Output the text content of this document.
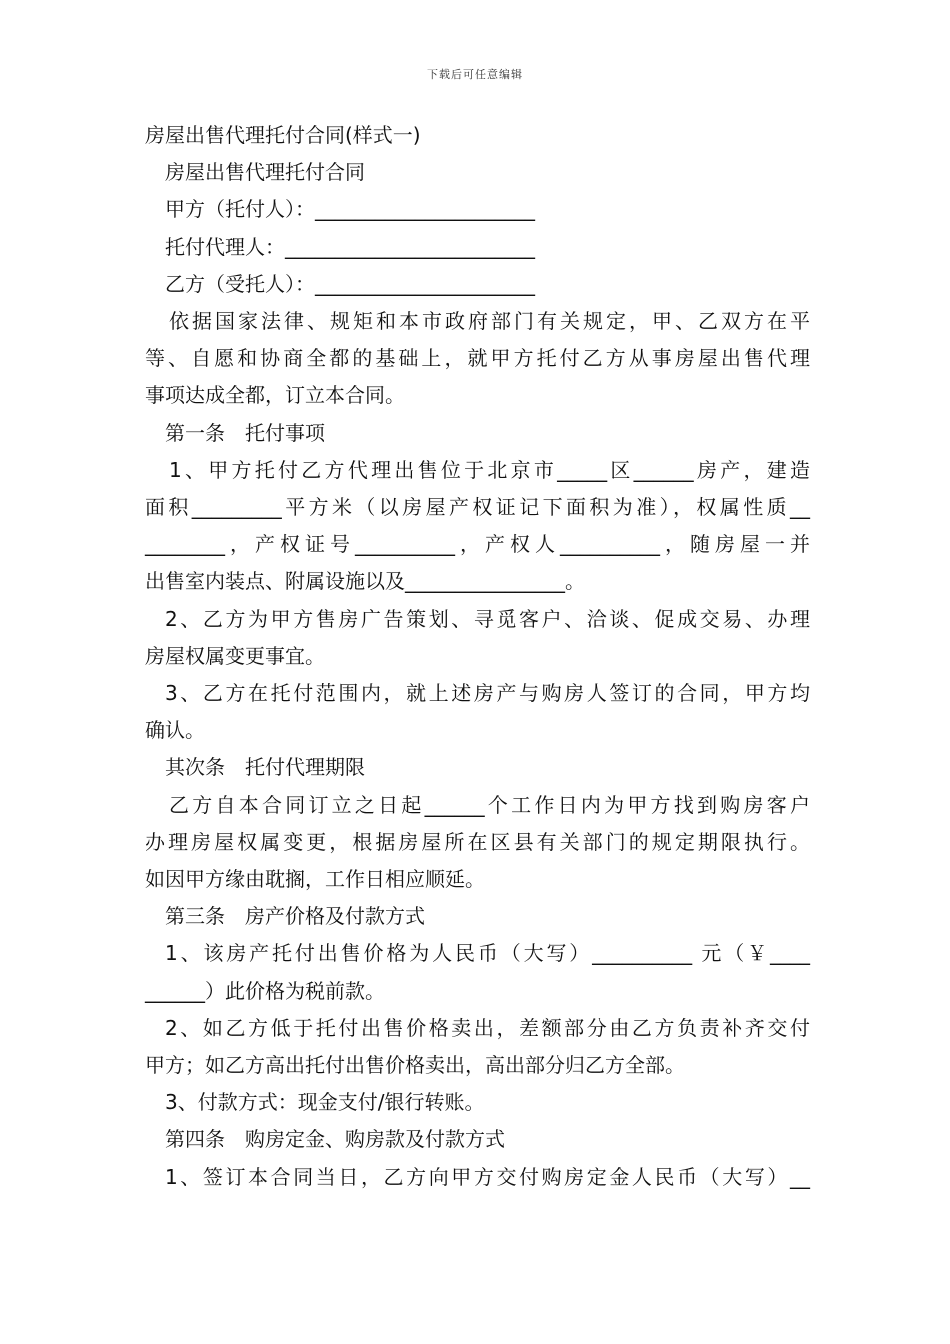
下载后可任意编辑
房屋出售代理托付合同(样式一)
房屋出售代理托付合同
甲方（托付人）：______________________
托付代理人：_________________________
乙方（受托人）：______________________
依据国家法律、规矩和本市政府部门有关规定，甲、乙双方在平
等、自愿和协商全都的基础上，就甲方托付乙方从事房屋出售代理
事项达成全都，订立本合同。
第一条　托付事项
1、甲方托付乙方代理出售位于北京市_____区______房产，建造
面积_________平方米（以房屋产权证记下面积为准），权属性质__
________，产权证号__________，产权人__________，随房屋一并
出售室内装点、附属设施以及________________。
2、乙方为甲方售房广告策划、寻觅客户、洽谈、促成交易、办理
房屋权属变更事宜。
3、乙方在托付范围内，就上述房产与购房人签订的合同，甲方均
确认。
其次条　托付代理期限
乙方自本合同订立之日起______个工作日内为甲方找到购房客户
办理房屋权属变更，根据房屋所在区县有关部门的规定期限执行。
如因甲方缘由耽搁，工作日相应顺延。
第三条　房产价格及付款方式
1、该房产托付出售价格为人民币（大写）__________ 元（￥____
______）此价格为税前款。
2、如乙方低于托付出售价格卖出，差额部分由乙方负责补齐交付
甲方；如乙方高出托付出售价格卖出，高出部分归乙方全部。
3、付款方式：现金支付/银行转账。
第四条　购房定金、购房款及付款方式
1、签订本合同当日，乙方向甲方交付购房定金人民币（大写）__
